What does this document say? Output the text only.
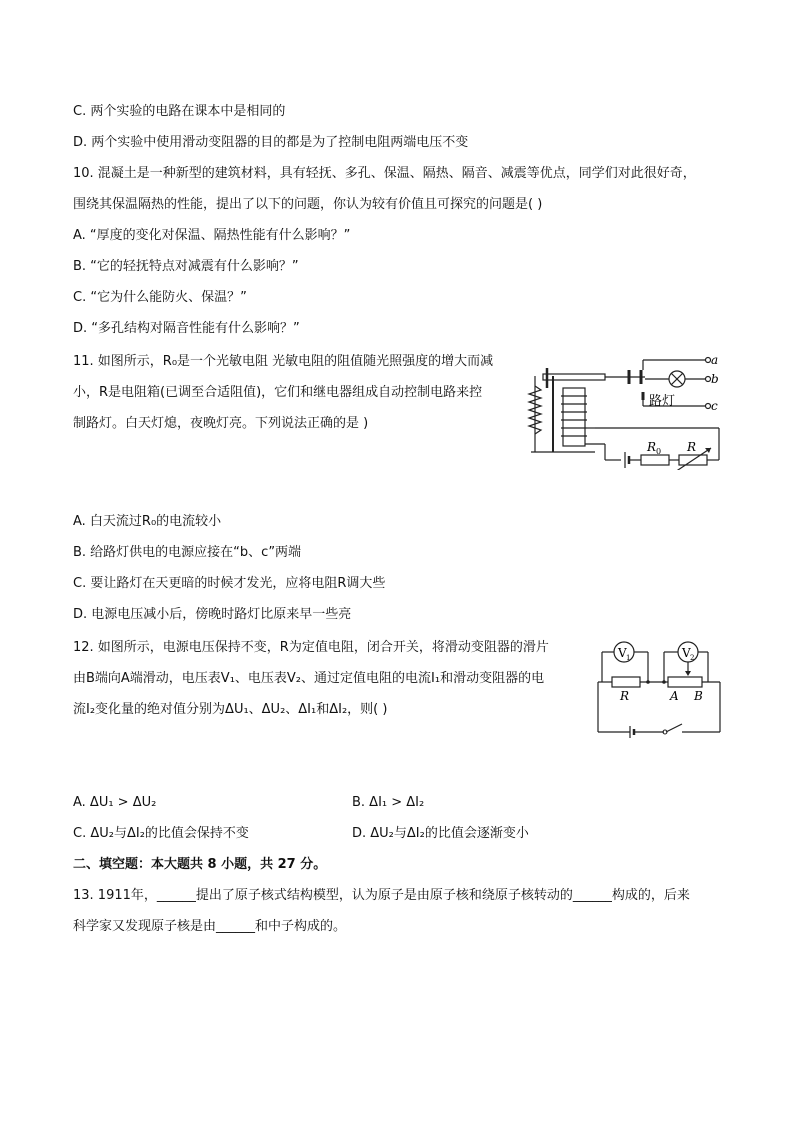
C. 两个实验的电路在课本中是相同的
D. 两个实验中使用滑动变阻器的目的都是为了控制电阻两端电压不变
10. 混凝土是一种新型的建筑材料，具有轻抚、多孔、保温、隔热、隔音、减震等优点，同学们对此很好奇，
围绕其保温隔热的性能，提出了以下的问题，你认为较有价值且可探究的问题是( )
A. “厚度的变化对保温、隔热性能有什么影响？”
B. “它的轻抚特点对减震有什么影响？”
C. “它为什么能防火、保温？”
D. “多孔结构对隔音性能有什么影响？”
11. 如图所示，R₀是一个光敏电阻 光敏电阻的阻值随光照强度的增大而减
小，R是电阻箱(已调至合适阻值)，它们和继电器组成自动控制电路来控
制路灯。白天灯熄，夜晚灯亮。下列说法正确的是 )
a
b
c
路灯
R 0 R
A. 白天流过R₀的电流较小
B. 给路灯供电的电源应接在“b、c”两端
C. 要让路灯在天更暗的时候才发光，应将电阻R调大些
D. 电源电压减小后，傍晚时路灯比原来早一些亮
12. 如图所示，电源电压保持不变，R为定值电阻，闭合开关，将滑动变阻器的滑片
由B端向A端滑动，电压表V₁、电压表V₂、通过定值电阻的电流I₁和滑动变阻器的电
流I₂变化量的绝对值分别为ΔU₁、ΔU₂、ΔI₁和ΔI₂，则( )
V 1	V 2
R	A B
A. ΔU₁ > ΔU₂	B. ΔI₁ > ΔI₂
C. ΔU₂与ΔI₂的比值会保持不变	D. ΔU₂与ΔI₂的比值会逐渐变小
二、填空题：本大题共 8 小题，共 27 分。
13. 1911年，______提出了原子核式结构模型，认为原子是由原子核和绕原子核转动的______构成的，后来
科学家又发现原子核是由______和中子构成的。
